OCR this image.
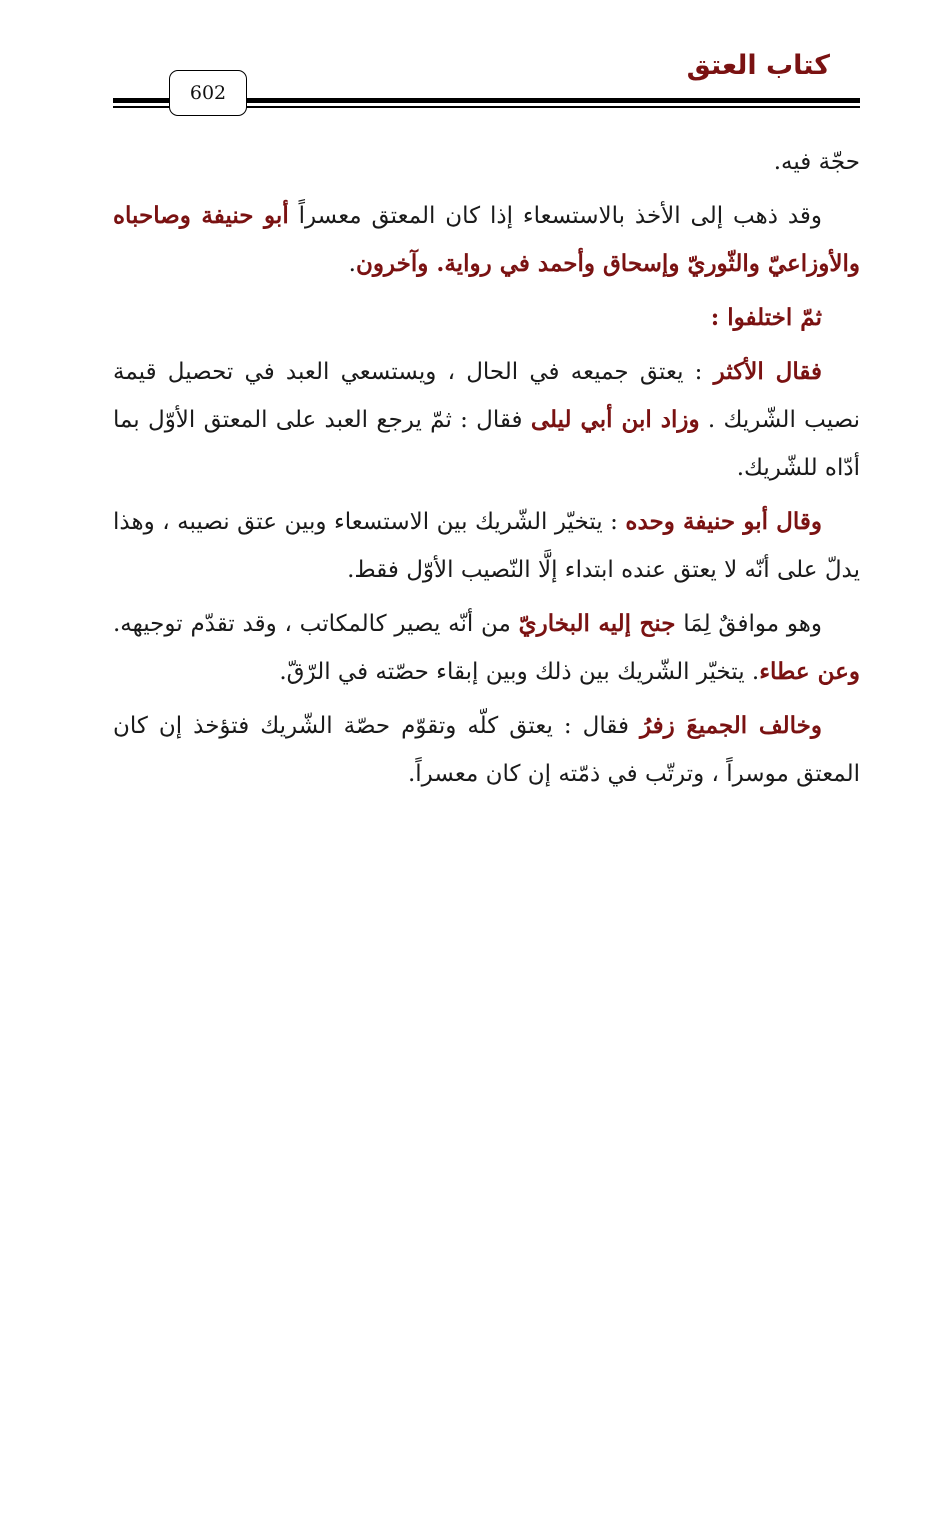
كتاب العتق
602

حجّة فيه.

وقد ذهب إلى الأخذ بالاستسعاء إذا كان المعتق معسراً أبو حنيفة وصاحباه والأوزاعيّ والثّوريّ وإسحاق وأحمد في رواية. وآخرون.

ثمّ اختلفوا :

فقال الأكثر : يعتق جميعه في الحال ، ويستسعي العبد في تحصيل قيمة نصيب الشّريك . وزاد ابن أبي ليلى فقال : ثمّ يرجع العبد على المعتق الأوّل بما أدّاه للشّريك.

وقال أبو حنيفة وحده : يتخيّر الشّريك بين الاستسعاء وبين عتق نصيبه ، وهذا يدلّ على أنّه لا يعتق عنده ابتداء إلَّا النّصيب الأوّل فقط.

وهو موافقٌ لِمَا جنح إليه البخاريّ من أنّه يصير كالمكاتب ، وقد تقدّم توجيهه. وعن عطاء. يتخيّر الشّريك بين ذلك وبين إبقاء حصّته في الرّقّ.

وخالف الجميعَ زفرُ فقال : يعتق كلّه وتقوّم حصّة الشّريك فتؤخذ إن كان المعتق موسراً ، وترتّب في ذمّته إن كان معسراً.
